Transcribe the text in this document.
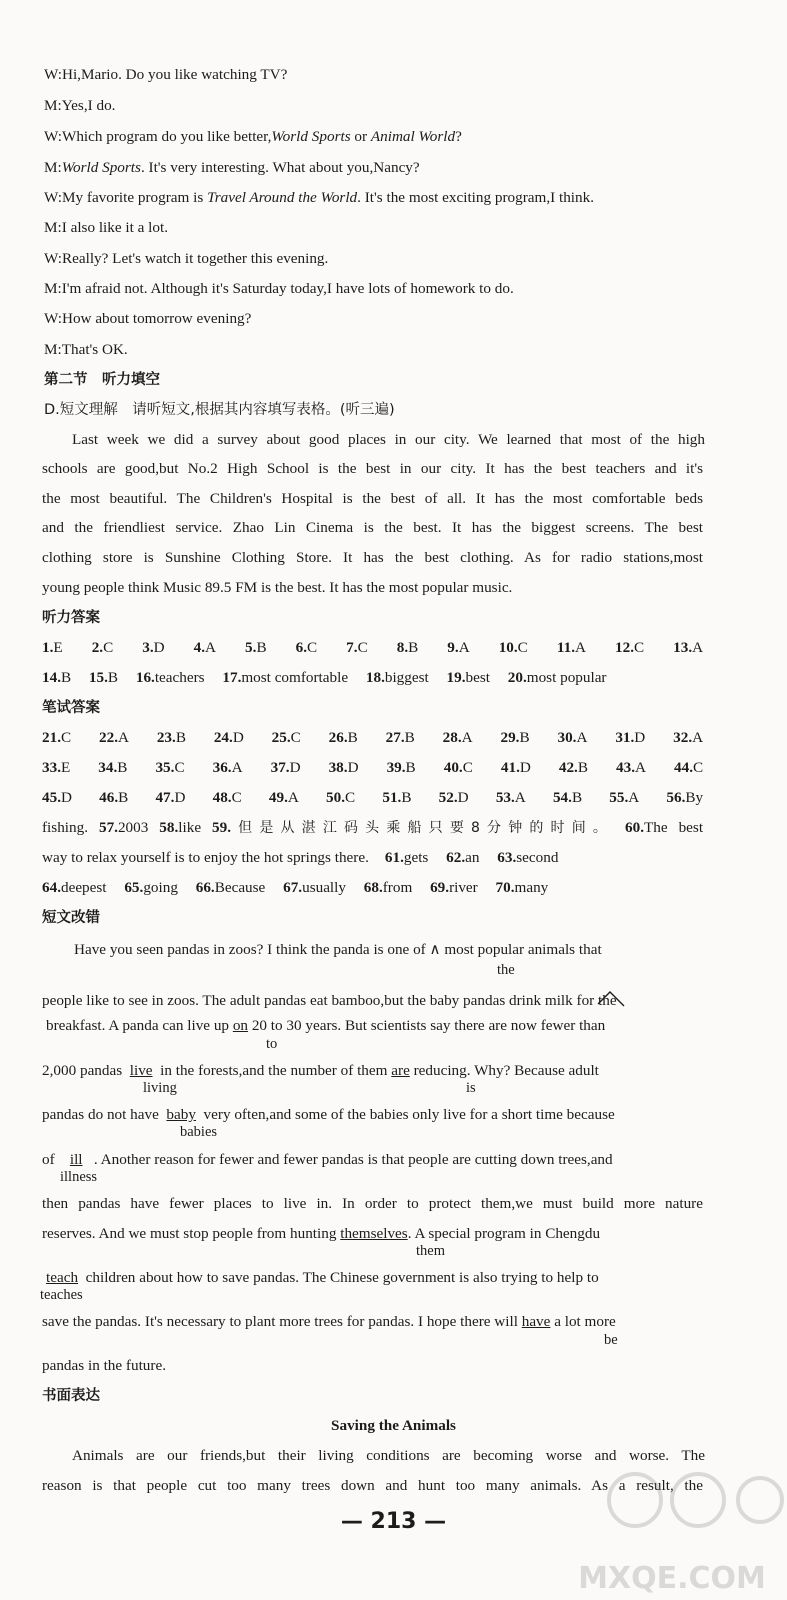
W:Hi,Mario. Do you like watching TV?
M:Yes,I do.
W:Which program do you like better,World Sports or Animal World?
M:World Sports. It's very interesting. What about you,Nancy?
W:My favorite program is Travel Around the World. It's the most exciting program,I think.
M:I also like it a lot.
W:Really? Let's watch it together this evening.
M:I'm afraid not. Although it's Saturday today,I have lots of homework to do.
W:How about tomorrow evening?
M:That's OK.
第二节　听力填空
D.短文理解　请听短文,根据其内容填写表格。(听三遍)
Last week we did a survey about good places in our city. We learned that most of the high
schools are good,but No.2 High School is the best in our city. It has the best teachers and it's
the most beautiful. The Children's Hospital is the best of all. It has the most comfortable beds
and the friendliest service. Zhao Lin Cinema is the best. It has the biggest screens. The best
clothing store is Sunshine Clothing Store. It has the best clothing. As for radio stations,most
young people think Music 89.5 FM is the best. It has the most popular music.
听力答案
1.E 2.C 3.D 4.A 5.B 6.C 7.C 8.B 9.A 10.C 11.A 12.C 13.A
14.B 15.B 16.teachers 17.most comfortable 18.biggest 19.best 20.most popular
笔试答案
21.C 22.A 23.B 24.D 25.C 26.B 27.B 28.A 29.B 30.A 31.D 32.A
33.E 34.B 35.C 36.A 37.D 38.D 39.B 40.C 41.D 42.B 43.A 44.C
45.D 46.B 47.D 48.C 49.A 50.C 51.B 52.D 53.A 54.B 55.A 56.By
fishing. 57.2003 58.like 59.但是从湛江码头乘船只要8分钟的时间。 60.The best
way to relax yourself is to enjoy the hot springs there. 61.gets 62.an 63.second
64.deepest 65.going 66.Because 67.usually 68.from 69.river 70.many
短文改错
Have you seen pandas in zoos? I think the panda is one of ∧ most popular animals that
the
people like to see in zoos. The adult pandas eat bamboo,but the baby pandas drink milk for the
breakfast. A panda can live up on 20 to 30 years. But scientists say there are now fewer than
to
2,000 pandas live in the forests,and the number of them are reducing. Why? Because adult
living	is
pandas do not have baby very often,and some of the babies only live for a short time because
babies
of ill . Another reason for fewer and fewer pandas is that people are cutting down trees,and
illness
then pandas have fewer places to live in. In order to protect them,we must build more nature
reserves. And we must stop people from hunting themselves. A special program in Chengdu
them
teach children about how to save pandas. The Chinese government is also trying to help to
teaches
save the pandas. It's necessary to plant more trees for pandas. I hope there will have a lot more
be
pandas in the future.
书面表达
Saving the Animals
Animals are our friends,but their living conditions are becoming worse and worse. The
reason is that people cut too many trees down and hunt too many animals. As a result, the
— 213 —
MXQE.COM
